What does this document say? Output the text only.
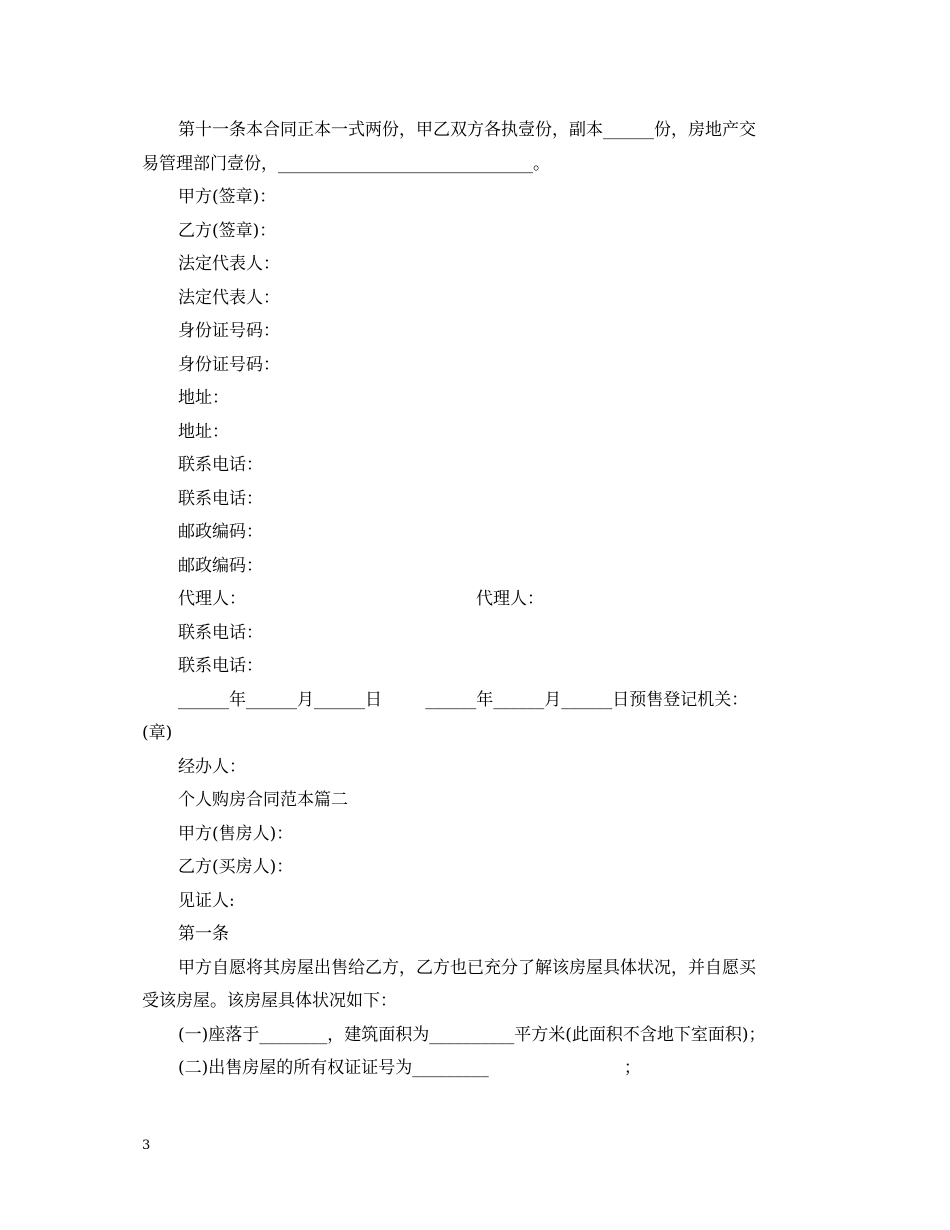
第十一条本合同正本一式两份，甲乙双方各执壹份，副本______份，房地产交

易管理部门壹份，______________________________。

甲方(签章)：

乙方(签章)：

法定代表人：

法定代表人：

身份证号码：

身份证号码：

地址：

地址：

联系电话：

联系电话：

邮政编码：

邮政编码：

代理人：	代理人：

联系电话：

联系电话：

______年______月______日        ______年______月______日预售登记机关：

(章)

经办人：

个人购房合同范本篇二

甲方(售房人)：

乙方(买房人)：

见证人:

第一条

甲方自愿将其房屋出售给乙方，乙方也已充分了解该房屋具体状况，并自愿买

受该房屋。该房屋具体状况如下：

(一)座落于________，建筑面积为__________平方米(此面积不含地下室面积)；

(二)出售房屋的所有权证证号为_________                         ；

3
